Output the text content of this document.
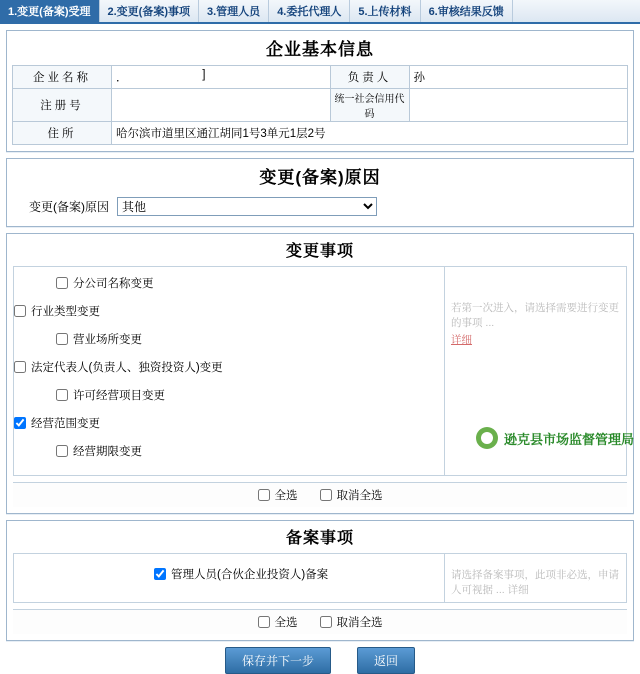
1.变更(备案)受理	2.变更(备案)事项	3.管理人员	4.委托代理人	5.上传材料	6.审核结果反馈
企业基本信息
企业名称	． ]	负责人	孙
注册号		统一社会信用代码	
住所	哈尔滨市道里区通江胡同1号3单元1层2号		
变更(备案)原因
变更(备案)原因
其他
变更事项
分公司名称变更
行业类型变更
营业场所变更
法定代表人(负责人、独资投资人)变更
许可经营项目变更
经营范围变更
经营期限变更
若第一次进入，请选择需要进行变更的事项 ...
详细
全选	取消全选
备案事项
管理人员(合伙企业投资人)备案	请选择备案事项，此项非必选，申请人可视据 ... 详细
全选	取消全选
保存并下一步	返回
逊克县市场监督管理局
